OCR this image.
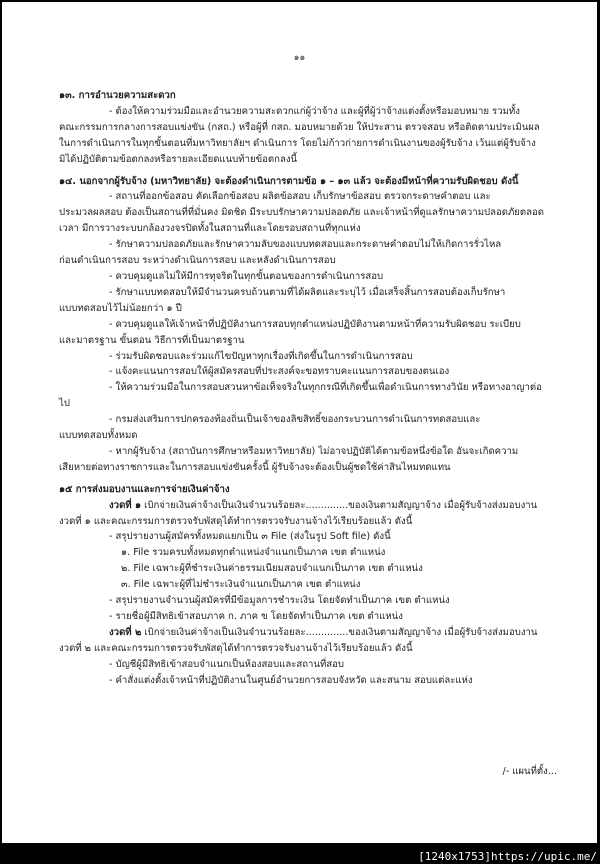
๑๑

๑๓. การอำนวยความสะดวก

- ต้องให้ความร่วมมือและอำนวยความสะดวกแก่ผู้ว่าจ้าง และผู้ที่ผู้ว่าจ้างแต่งตั้งหรือมอบหมาย รวมทั้ง

คณะกรรมการกลางการสอบแข่งขัน (กสถ.) หรือผู้ที่ กสถ. มอบหมายด้วย ให้ประสาน ตรวจสอบ หรือติดตามประเมินผล ในการดำเนินการในทุกขั้นตอนที่มหาวิทยาลัยฯ ดำเนินการ โดยไม่ก้าวก่ายการดำเนินงานของผู้รับจ้าง เว้นแต่ผู้รับจ้าง มิได้ปฏิบัติตามข้อตกลงหรือรายละเอียดแนบท้ายข้อตกลงนี้

๑๔. นอกจากผู้รับจ้าง (มหาวิทยาลัย) จะต้องดำเนินการตามข้อ ๑ – ๑๓ แล้ว จะต้องมีหน้าที่ความรับผิดชอบ ดังนี้

- สถานที่ออกข้อสอบ คัดเลือกข้อสอบ ผลิตข้อสอบ เก็บรักษาข้อสอบ ตรวจกระดาษคำตอบ และ

ประมวลผลสอบ ต้องเป็นสถานที่ที่มั่นคง มิดชิด มีระบบรักษาความปลอดภัย และเจ้าหน้าที่ดูแลรักษาความปลอดภัยตลอดเวลา มีการวางระบบกล้องวงจรปิดทั้งในสถานที่และโดยรอบสถานที่ทุกแห่ง

- รักษาความปลอดภัยและรักษาความลับของแบบทดสอบและกระดาษคำตอบไม่ให้เกิดการรั่วไหล

ก่อนดำเนินการสอบ ระหว่างดำเนินการสอบ และหลังดำเนินการสอบ

- ควบคุมดูแลไม่ให้มีการทุจริตในทุกขั้นตอนของการดำเนินการสอบ

- รักษาแบบทดสอบให้มีจำนวนครบถ้วนตามที่ได้ผลิตและระบุไว้ เมื่อเสร็จสิ้นการสอบต้องเก็บรักษา

แบบทดสอบไว้ไม่น้อยกว่า ๑ ปี

- ควบคุมดูแลให้เจ้าหน้าที่ปฏิบัติงานการสอบทุกตำแหน่งปฏิบัติงานตามหน้าที่ความรับผิดชอบ ระเบียบ

และมาตรฐาน ขั้นตอน วิธีการที่เป็นมาตรฐาน

- ร่วมรับผิดชอบและร่วมแก้ไขปัญหาทุกเรื่องที่เกิดขึ้นในการดำเนินการสอบ

- แจ้งคะแนนการสอบให้ผู้สมัครสอบที่ประสงค์จะขอทราบคะแนนการสอบของตนเอง

- ให้ความร่วมมือในการสอบสวนหาข้อเท็จจริงในทุกกรณีที่เกิดขึ้นเพื่อดำเนินการทางวินัย หรือทางอาญาต่อไป

- กรมส่งเสริมการปกครองท้องถิ่นเป็นเจ้าของลิขสิทธิ์ของกระบวนการดำเนินการทดสอบและ

แบบทดสอบทั้งหมด

- หากผู้รับจ้าง (สถาบันการศึกษาหรือมหาวิทยาลัย) ไม่อาจปฏิบัติได้ตามข้อหนึ่งข้อใด อันจะเกิดความ

เสียหายต่อทางราชการและในการสอบแข่งขันครั้งนี้ ผู้รับจ้างจะต้องเป็นผู้ชดใช้ค่าสินไหมทดแทน

๑๕ การส่งมอบงานและการจ่ายเงินค่าจ้าง

งวดที่ ๑ เบิกจ่ายเงินค่าจ้างเป็นเงินจำนวนร้อยละ..............ของเงินตามสัญญาจ้าง เมื่อผู้รับจ้างส่งมอบงาน

งวดที่ ๑ และคณะกรรมการตรวจรับพัสดุได้ทำการตรวจรับงานจ้างไว้เรียบร้อยแล้ว ดังนี้

- สรุปรายงานผู้สมัครทั้งหมดแยกเป็น ๓ File (ส่งในรูป Soft file) ดังนี้

๑. File รวมครบทั้งหมดทุกตำแหน่งจำแนกเป็นภาค เขต ตำแหน่ง

๒. File เฉพาะผู้ที่ชำระเงินค่าธรรมเนียมสอบจำแนกเป็นภาค เขต ตำแหน่ง

๓. File เฉพาะผู้ที่ไม่ชำระเงินจำแนกเป็นภาค เขต ตำแหน่ง

- สรุปรายงานจำนวนผู้สมัครที่มีข้อมูลการชำระเงิน โดยจัดทำเป็นภาค เขต ตำแหน่ง

- รายชื่อผู้มีสิทธิเข้าสอบภาค ก. ภาค ข โดยจัดทำเป็นภาค เขต ตำแหน่ง

งวดที่ ๒ เบิกจ่ายเงินค่าจ้างเป็นเงินจำนวนร้อยละ..............ของเงินตามสัญญาจ้าง เมื่อผู้รับจ้างส่งมอบงาน

งวดที่ ๒ และคณะกรรมการตรวจรับพัสดุได้ทำการตรวจรับงานจ้างไว้เรียบร้อยแล้ว ดังนี้

- บัญชีผู้มีสิทธิเข้าสอบจำแนกเป็นห้องสอบและสถานที่สอบ

- คำสั่งแต่งตั้งเจ้าหน้าที่ปฏิบัติงานในศูนย์อำนวยการสอบจังหวัด และสนาม สอบแต่ละแห่ง

/- แผนที่ตั้ง...
[1240x1753]https://upic.me/
